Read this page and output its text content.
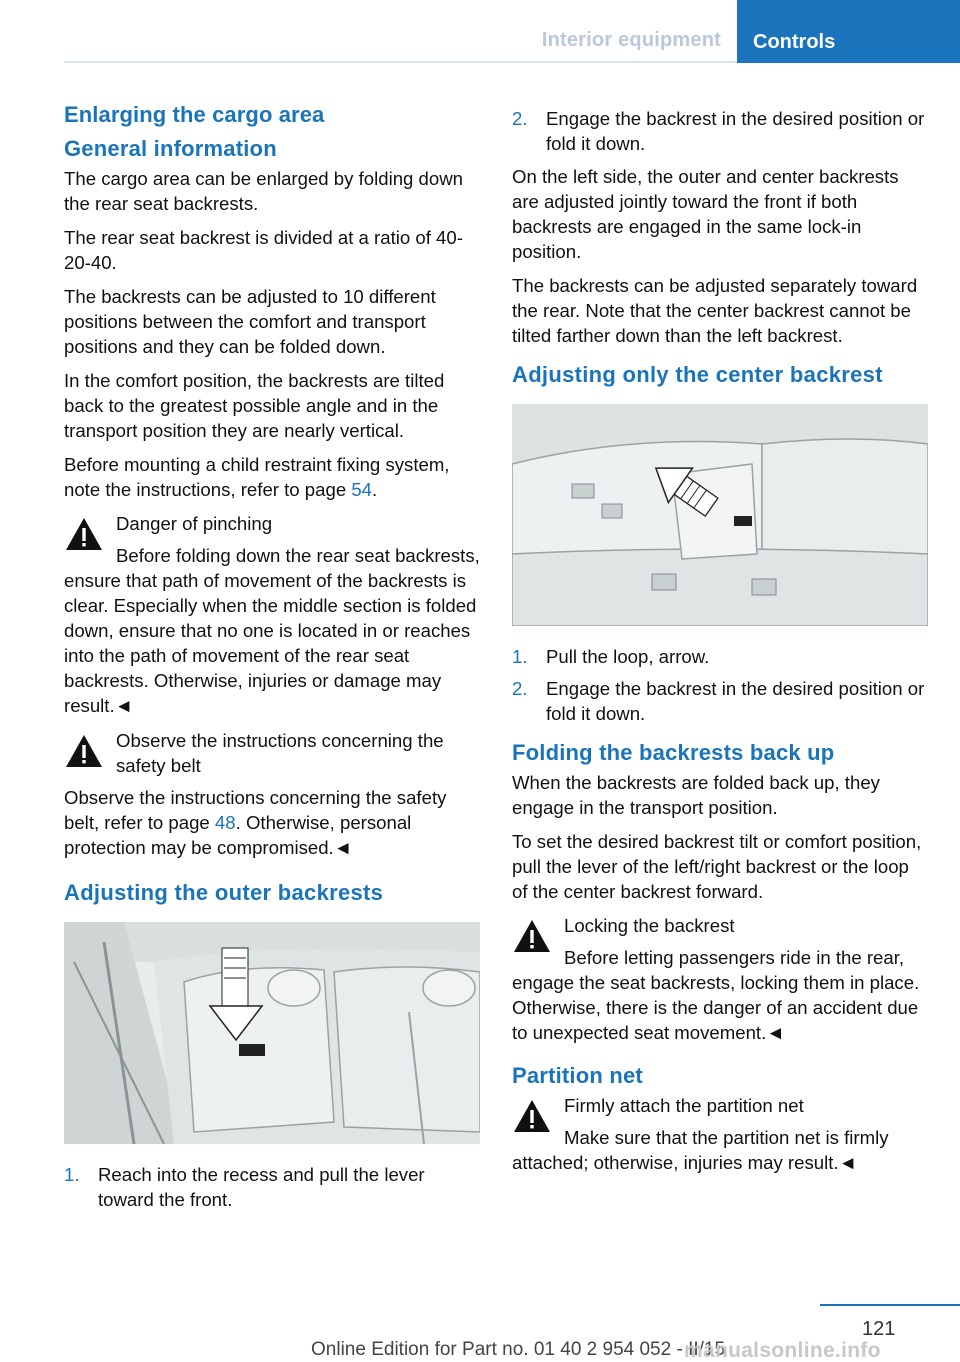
Interior equipment	Controls
Enlarging the cargo area
General information

The cargo area can be enlarged by folding down the rear seat backrests.

The rear seat backrest is divided at a ratio of 40-20-40.

The backrests can be adjusted to 10 different positions between the comfort and transport positions and they can be folded down.

In the comfort position, the backrests are tilted back to the greatest possible angle and in the transport position they are nearly vertical.

Before mounting a child restraint fixing system, note the instructions, refer to page 54.

Danger of pinching
Before folding down the rear seat backrests, ensure that path of movement of the backrests is clear. Especially when the middle section is folded down, ensure that no one is located in or reaches into the path of movement of the rear seat backrests. Otherwise, injuries or damage may result.◄
Observe the instructions concerning the safety belt
Observe the instructions concerning the safety belt, refer to page 48. Otherwise, personal protection may be compromised.◄
Adjusting the outer backrests
1. Reach into the recess and pull the lever toward the front.
2. Engage the backrest in the desired position or fold it down.

On the left side, the outer and center backrests are adjusted jointly toward the front if both backrests are engaged in the same lock-in position.

The backrests can be adjusted separately toward the rear. Note that the center backrest cannot be tilted farther down than the left backrest.

Adjusting only the center backrest
1. Pull the loop, arrow.
2. Engage the backrest in the desired position or fold it down.
Folding the backrests back up

When the backrests are folded back up, they engage in the transport position.

To set the desired backrest tilt or comfort position, pull the lever of the left/right backrest or the loop of the center backrest forward.

Locking the backrest
Before letting passengers ride in the rear, engage the seat backrests, locking them in place. Otherwise, there is the danger of an accident due to unexpected seat movement.◄
Partition net
Firmly attach the partition net
Make sure that the partition net is firmly attached; otherwise, injuries may result.◄
121
Online Edition for Part no. 01 40 2 954 052 - II/15
manualsonline.info
